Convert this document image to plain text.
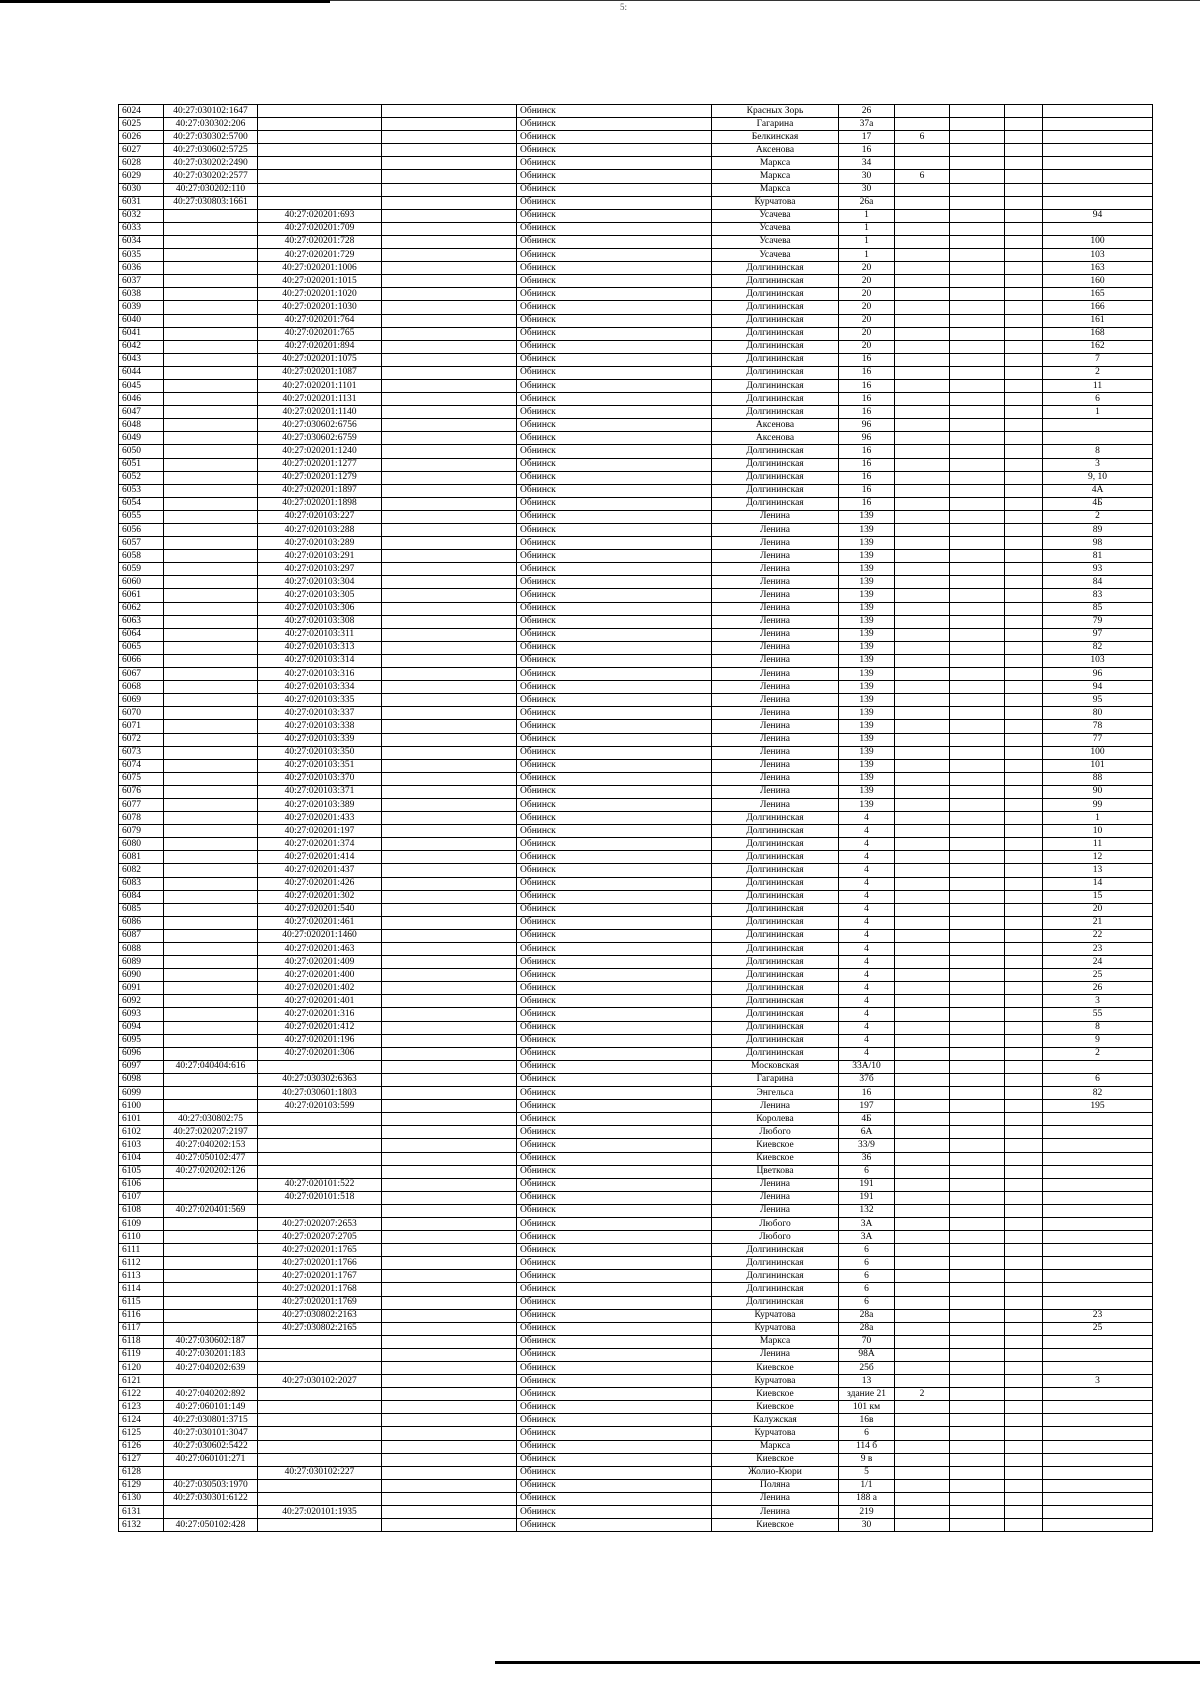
5:
6024	40:27:030102:1647			Обнинск	Красных Зорь	26				
6025	40:27:030302:206			Обнинск	Гагарина	37а				
6026	40:27:030302:5700			Обнинск	Белкинская	17	6			
6027	40:27:030602:5725			Обнинск	Аксенова	16				
6028	40:27:030202:2490			Обнинск	Маркса	34				
6029	40:27:030202:2577			Обнинск	Маркса	30	6			
6030	40:27:030202:110			Обнинск	Маркса	30				
6031	40:27:030803:1661			Обнинск	Курчатова	26а				
6032		40:27:020201:693		Обнинск	Усачева	1				94
6033		40:27:020201:709		Обнинск	Усачева	1				
6034		40:27:020201:728		Обнинск	Усачева	1				100
6035		40:27:020201:729		Обнинск	Усачева	1				103
6036		40:27:020201:1006		Обнинск	Долгининская	20				163
6037		40:27:020201:1015		Обнинск	Долгининская	20				160
6038		40:27:020201:1020		Обнинск	Долгининская	20				165
6039		40:27:020201:1030		Обнинск	Долгининская	20				166
6040		40:27:020201:764		Обнинск	Долгининская	20				161
6041		40:27:020201:765		Обнинск	Долгининская	20				168
6042		40:27:020201:894		Обнинск	Долгининская	20				162
6043		40:27:020201:1075		Обнинск	Долгининская	16				7
6044		40:27:020201:1087		Обнинск	Долгининская	16				2
6045		40:27:020201:1101		Обнинск	Долгининская	16				11
6046		40:27:020201:1131		Обнинск	Долгининская	16				6
6047		40:27:020201:1140		Обнинск	Долгининская	16				1
6048		40:27:030602:6756		Обнинск	Аксенова	96				
6049		40:27:030602:6759		Обнинск	Аксенова	96				
6050		40:27:020201:1240		Обнинск	Долгининская	16				8
6051		40:27:020201:1277		Обнинск	Долгининская	16				3
6052		40:27:020201:1279		Обнинск	Долгининская	16				9, 10
6053		40:27:020201:1897		Обнинск	Долгининская	16				4А
6054		40:27:020201:1898		Обнинск	Долгининская	16				4Б
6055		40:27:020103:227		Обнинск	Ленина	139				2
6056		40:27:020103:288		Обнинск	Ленина	139				89
6057		40:27:020103:289		Обнинск	Ленина	139				98
6058		40:27:020103:291		Обнинск	Ленина	139				81
6059		40:27:020103:297		Обнинск	Ленина	139				93
6060		40:27:020103:304		Обнинск	Ленина	139				84
6061		40:27:020103:305		Обнинск	Ленина	139				83
6062		40:27:020103:306		Обнинск	Ленина	139				85
6063		40:27:020103:308		Обнинск	Ленина	139				79
6064		40:27:020103:311		Обнинск	Ленина	139				97
6065		40:27:020103:313		Обнинск	Ленина	139				82
6066		40:27:020103:314		Обнинск	Ленина	139				103
6067		40:27:020103:316		Обнинск	Ленина	139				96
6068		40:27:020103:334		Обнинск	Ленина	139				94
6069		40:27:020103:335		Обнинск	Ленина	139				95
6070		40:27:020103:337		Обнинск	Ленина	139				80
6071		40:27:020103:338		Обнинск	Ленина	139				78
6072		40:27:020103:339		Обнинск	Ленина	139				77
6073		40:27:020103:350		Обнинск	Ленина	139				100
6074		40:27:020103:351		Обнинск	Ленина	139				101
6075		40:27:020103:370		Обнинск	Ленина	139				88
6076		40:27:020103:371		Обнинск	Ленина	139				90
6077		40:27:020103:389		Обнинск	Ленина	139				99
6078		40:27:020201:433		Обнинск	Долгининская	4				1
6079		40:27:020201:197		Обнинск	Долгининская	4				10
6080		40:27:020201:374		Обнинск	Долгининская	4				11
6081		40:27:020201:414		Обнинск	Долгининская	4				12
6082		40:27:020201:437		Обнинск	Долгининская	4				13
6083		40:27:020201:426		Обнинск	Долгининская	4				14
6084		40:27:020201:302		Обнинск	Долгининская	4				15
6085		40:27:020201:540		Обнинск	Долгининская	4				20
6086		40:27:020201:461		Обнинск	Долгининская	4				21
6087		40:27:020201:1460		Обнинск	Долгининская	4				22
6088		40:27:020201:463		Обнинск	Долгининская	4				23
6089		40:27:020201:409		Обнинск	Долгининская	4				24
6090		40:27:020201:400		Обнинск	Долгининская	4				25
6091		40:27:020201:402		Обнинск	Долгининская	4				26
6092		40:27:020201:401		Обнинск	Долгининская	4				3
6093		40:27:020201:316		Обнинск	Долгининская	4				55
6094		40:27:020201:412		Обнинск	Долгининская	4				8
6095		40:27:020201:196		Обнинск	Долгининская	4				9
6096		40:27:020201:306		Обнинск	Долгининская	4				2
6097	40:27:040404:616			Обнинск	Московская	33А/10				
6098		40:27:030302:6363		Обнинск	Гагарина	37б				6
6099		40:27:030601:1803		Обнинск	Энгельса	16				82
6100		40:27:020103:599		Обнинск	Ленина	197				195
6101	40:27:030802:75			Обнинск	Королева	4Б				
6102	40:27:020207:2197			Обнинск	Любого	6А				
6103	40:27:040202:153			Обнинск	Киевское	33/9				
6104	40:27:050102:477			Обнинск	Киевское	36				
6105	40:27:020202:126			Обнинск	Цветкова	6				
6106		40:27:020101:522		Обнинск	Ленина	191				
6107		40:27:020101:518		Обнинск	Ленина	191				
6108	40:27:020401:569			Обнинск	Ленина	132				
6109		40:27:020207:2653		Обнинск	Любого	3А				
6110		40:27:020207:2705		Обнинск	Любого	3А				
6111		40:27:020201:1765		Обнинск	Долгининская	6				
6112		40:27:020201:1766		Обнинск	Долгининская	6				
6113		40:27:020201:1767		Обнинск	Долгининская	6				
6114		40:27:020201:1768		Обнинск	Долгининская	6				
6115		40:27:020201:1769		Обнинск	Долгининская	6				
6116		40:27:030802:2163		Обнинск	Курчатова	28а				23
6117		40:27:030802:2165		Обнинск	Курчатова	28а				25
6118	40:27:030602:187			Обнинск	Маркса	70				
6119	40:27:030201:183			Обнинск	Ленина	98А				
6120	40:27:040202:639			Обнинск	Киевское	25б				
6121		40:27:030102:2027		Обнинск	Курчатова	13				3
6122	40:27:040202:892			Обнинск	Киевское	здание 21	2			
6123	40:27:060101:149			Обнинск	Киевское	101 км				
6124	40:27:030801:3715			Обнинск	Калужская	16в				
6125	40:27:030101:3047			Обнинск	Курчатова	6				
6126	40:27:030602:5422			Обнинск	Маркса	114 б				
6127	40:27:060101:271			Обнинск	Киевское	9 в				
6128		40:27:030102:227		Обнинск	Жолио-Кюри	5				
6129	40:27:030503:1970			Обнинск	Поляна	1/1				
6130	40:27:030301:6122			Обнинск	Ленина	188 а				
6131		40:27:020101:1935		Обнинск	Ленина	219				
6132	40:27:050102:428			Обнинск	Киевское	30				
